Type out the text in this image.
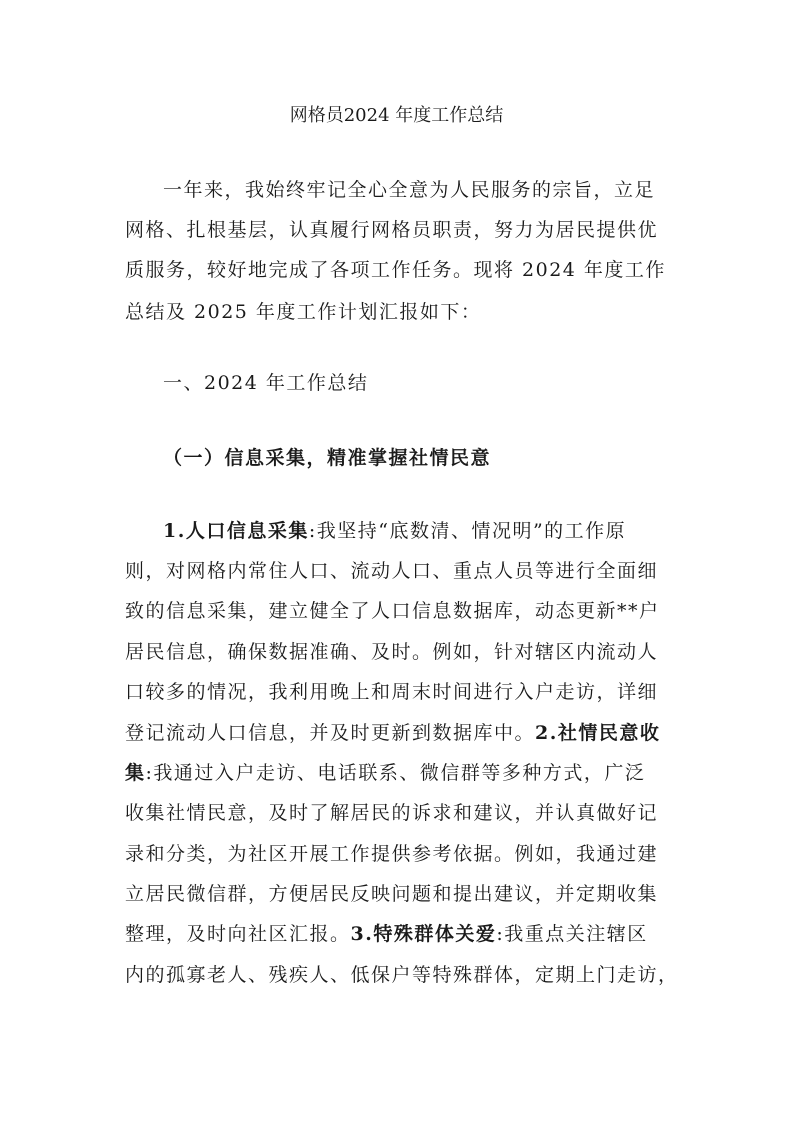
网格员2024 年度工作总结
一年来，我始终牢记全心全意为人民服务的宗旨，立足
网格、扎根基层，认真履行网格员职责，努力为居民提供优
质服务，较好地完成了各项工作任务。现将 2024 年度工作
总结及 2025 年度工作计划汇报如下：
一、2024 年工作总结
（一）信息采集，精准掌握社情民意
1.人口信息采集:我坚持“底数清、情况明”的工作原
则，对网格内常住人口、流动人口、重点人员等进行全面细
致的信息采集，建立健全了人口信息数据库，动态更新**户
居民信息，确保数据准确、及时。例如，针对辖区内流动人
口较多的情况，我利用晚上和周末时间进行入户走访，详细
登记流动人口信息，并及时更新到数据库中。2.社情民意收
集:我通过入户走访、电话联系、微信群等多种方式，广泛
收集社情民意，及时了解居民的诉求和建议，并认真做好记
录和分类，为社区开展工作提供参考依据。例如，我通过建
立居民微信群，方便居民反映问题和提出建议，并定期收集
整理，及时向社区汇报。3.特殊群体关爱:我重点关注辖区
内的孤寡老人、残疾人、低保户等特殊群体，定期上门走访，
